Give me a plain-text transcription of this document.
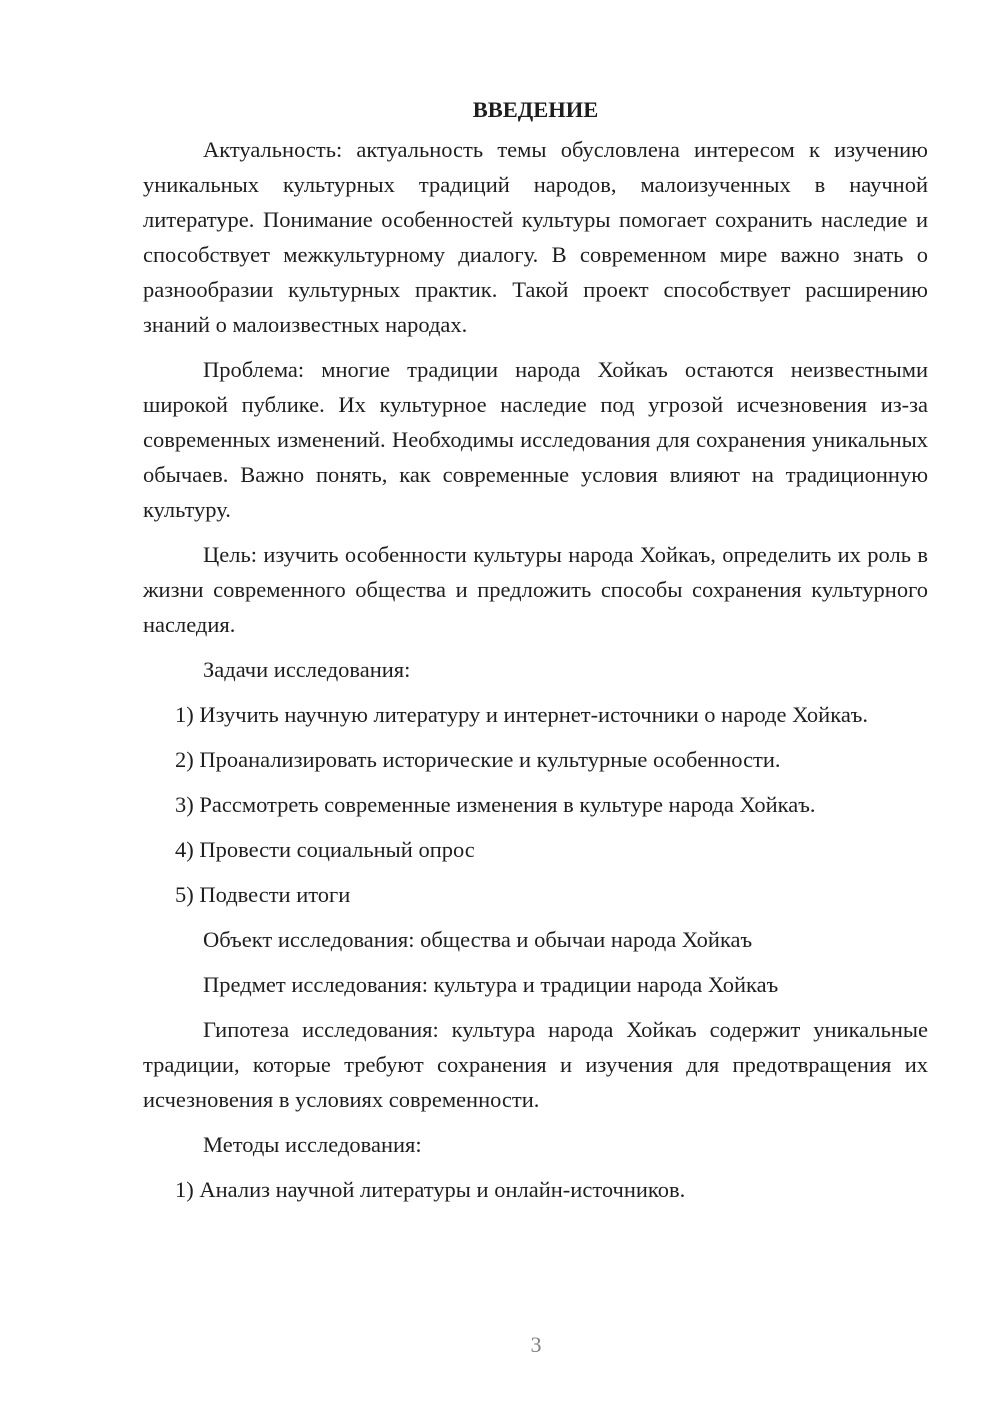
ВВЕДЕНИЕ

Актуальность: актуальность темы обусловлена интересом к изучению уникальных культурных традиций народов, малоизученных в научной литературе. Понимание особенностей культуры помогает сохранить наследие и способствует межкультурному диалогу. В современном мире важно знать о разнообразии культурных практик. Такой проект способствует расширению знаний о малоизвестных народах.

Проблема: многие традиции народа Хойкаъ остаются неизвестными широкой публике. Их культурное наследие под угрозой исчезновения из-за современных изменений. Необходимы исследования для сохранения уникальных обычаев. Важно понять, как современные условия влияют на традиционную культуру.

Цель: изучить особенности культуры народа Хойкаъ, определить их роль в жизни современного общества и предложить способы сохранения культурного наследия.

Задачи исследования:

1) Изучить научную литературу и интернет-источники о народе Хойкаъ.

2) Проанализировать исторические и культурные особенности.

3) Рассмотреть современные изменения в культуре народа Хойкаъ.

4) Провести социальный опрос

5) Подвести итоги

Объект исследования: общества и обычаи народа Хойкаъ

Предмет исследования: культура и традиции народа Хойкаъ

Гипотеза исследования: культура народа Хойкаъ содержит уникальные традиции, которые требуют сохранения и изучения для предотвращения их исчезновения в условиях современности.

Методы исследования:

1) Анализ научной литературы и онлайн-источников.

3
